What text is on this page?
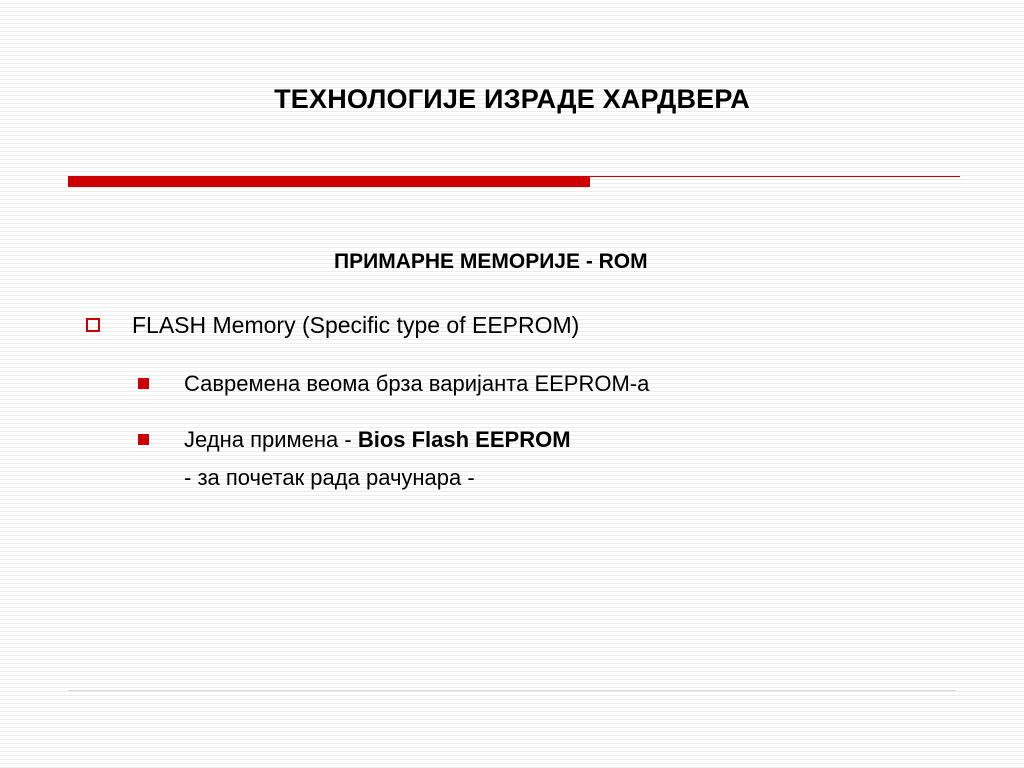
ТЕХНОЛОГИЈЕ ИЗРАДЕ ХАРДВЕРА
ПРИМАРНЕ МЕМОРИЈЕ - ROM
FLASH Memory (Specific type of EEPROM)
Савремена веома брза варијанта EEPROM-а
Једна примена - Bios Flash EEPROM
- за почетак рада рачунара -
